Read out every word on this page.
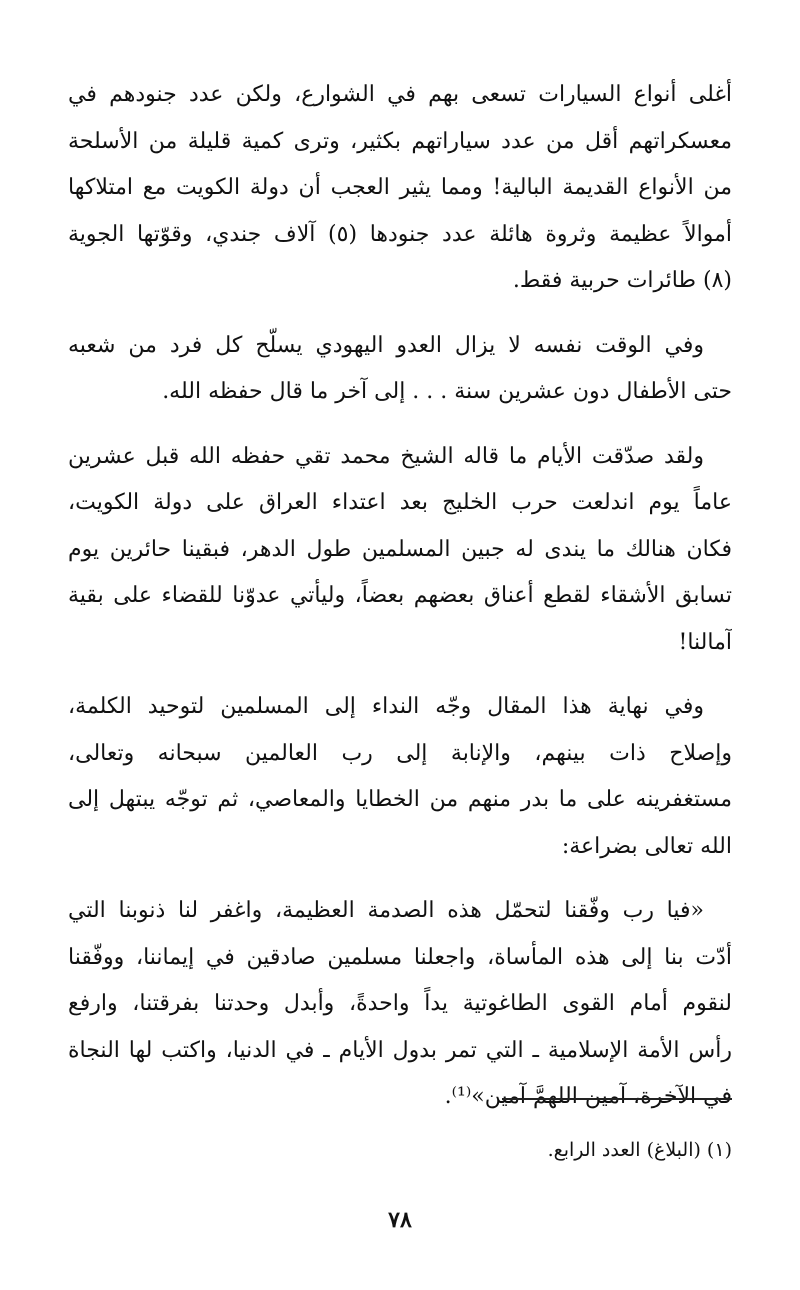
أغلى أنواع السيارات تسعى بهم في الشوارع، ولكن عدد جنودهم في
معسكراتهم أقل من عدد سياراتهم بكثير، وترى كمية قليلة من الأسلحة
من الأنواع القديمة البالية! ومما يثير العجب أن دولة الكويت مع امتلاكها
أموالاً عظيمة وثروة هائلة عدد جنودها (٥) آلاف جندي، وقوّتها الجوية
(٨) طائرات حربية فقط.
وفي الوقت نفسه لا يزال العدو اليهودي يسلّح كل فرد من شعبه
حتى الأطفال دون عشرين سنة . . . إلى آخر ما قال حفظه الله.
ولقد صدّقت الأيام ما قاله الشيخ محمد تقي حفظه الله قبل عشرين
عاماً يوم اندلعت حرب الخليج بعد اعتداء العراق على دولة الكويت،
فكان هنالك ما يندى له جبين المسلمين طول الدهر، فبقينا حائرين يوم
تسابق الأشقاء لقطع أعناق بعضهم بعضاً، وليأتي عدوّنا للقضاء على بقية
آمالنا!
وفي نهاية هذا المقال وجّه النداء إلى المسلمين لتوحيد الكلمة،
وإصلاح ذات بينهم، والإنابة إلى رب العالمين سبحانه وتعالى،
مستغفرينه على ما بدر منهم من الخطايا والمعاصي، ثم توجّه يبتهل إلى
الله تعالى بضراعة:
«فيا رب وفّقنا لتحمّل هذه الصدمة العظيمة، واغفر لنا ذنوبنا التي
أدّت بنا إلى هذه المأساة، واجعلنا مسلمين صادقين في إيماننا، ووفّقنا
لنقوم أمام القوى الطاغوتية يداً واحدةً، وأبدل وحدتنا بفرقتنا، وارفع
رأس الأمة الإسلامية ـ التي تمر بدول الأيام ـ في الدنيا، واكتب لها النجاة
في الآخرة، آمين اللهمَّ آمين»⁽¹⁾.
(١) (البلاغ) العدد الرابع.
٧٨
